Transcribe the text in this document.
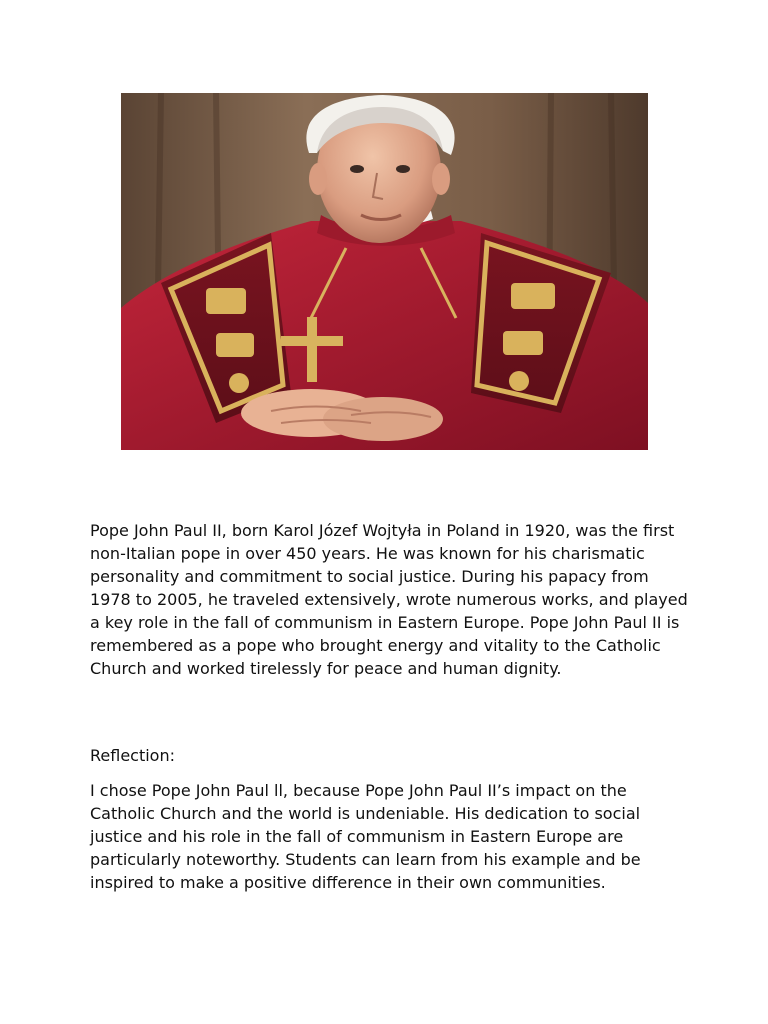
Pope John Paul II, born Karol Józef Wojtyła in Poland in 1920, was the first non-Italian pope in over 450 years. He was known for his charismatic personality and commitment to social justice. During his papacy from 1978 to 2005, he traveled extensively, wrote numerous works, and played a key role in the fall of communism in Eastern Europe. Pope John Paul II is remembered as a pope who brought energy and vitality to the Catholic Church and worked tirelessly for peace and human dignity.

Reflection:

I chose Pope John Paul ll, because Pope John Paul II’s impact on the Catholic Church and the world is undeniable. His dedication to social justice and his role in the fall of communism in Eastern Europe are particularly noteworthy. Students can learn from his example and be inspired to make a positive difference in their own communities.
